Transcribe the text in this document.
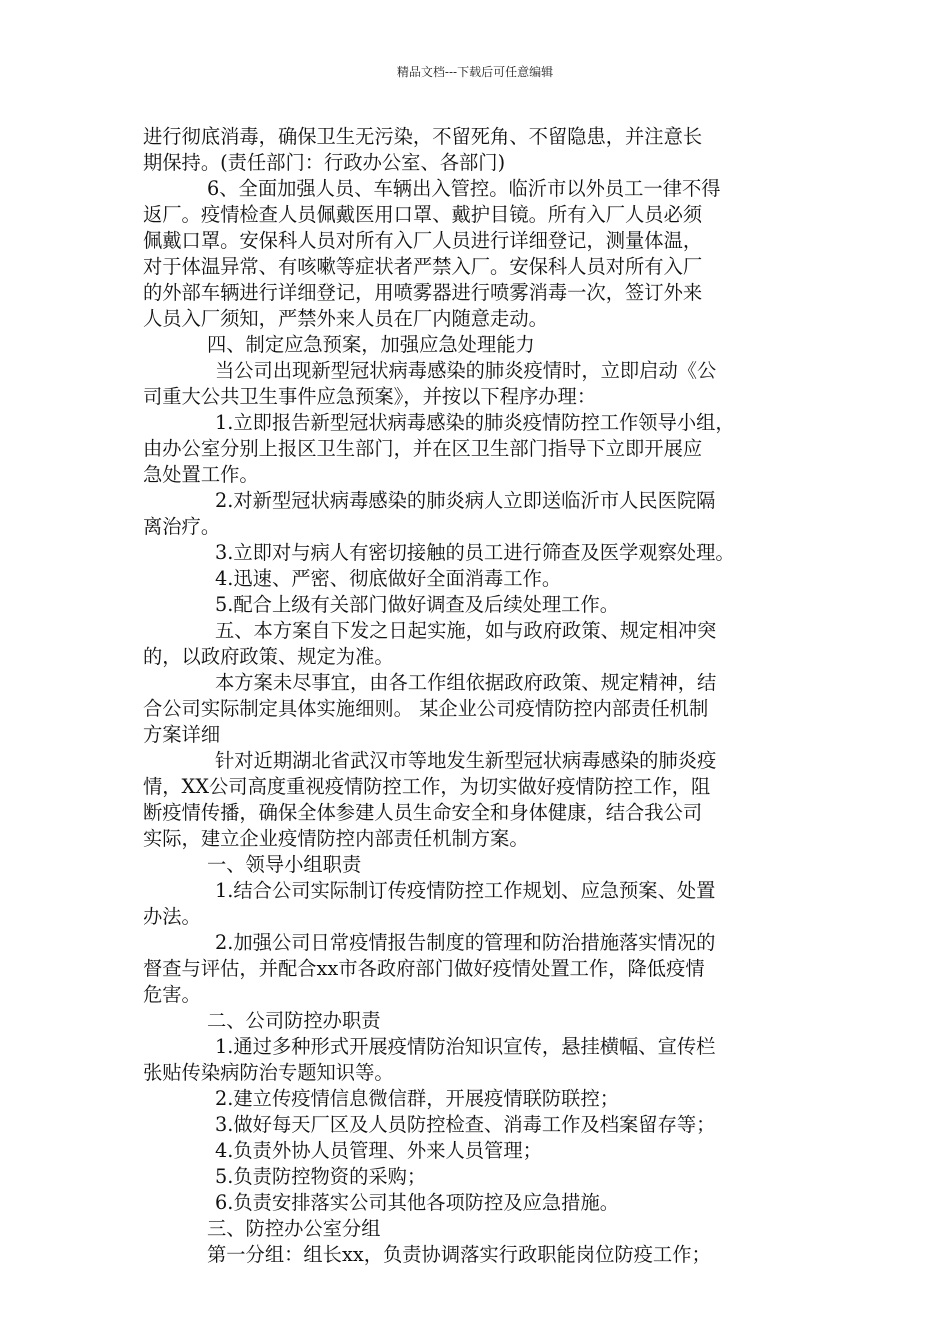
精品文档---下载后可任意编辑
进行彻底消毒，确保卫生无污染，不留死角、不留隐患，并注意长
期保持。(责任部门：行政办公室、各部门)
6、全面加强人员、车辆出入管控。临沂市以外员工一律不得
返厂。疫情检查人员佩戴医用口罩、戴护目镜。所有入厂人员必须
佩戴口罩。安保科人员对所有入厂人员进行详细登记，测量体温，
对于体温异常、有咳嗽等症状者严禁入厂。安保科人员对所有入厂
的外部车辆进行详细登记，用喷雾器进行喷雾消毒一次，签订外来
人员入厂须知，严禁外来人员在厂内随意走动。
四、制定应急预案，加强应急处理能力
当公司出现新型冠状病毒感染的肺炎疫情时，立即启动《公
司重大公共卫生事件应急预案》，并按以下程序办理：
1.立即报告新型冠状病毒感染的肺炎疫情防控工作领导小组，
由办公室分别上报区卫生部门，并在区卫生部门指导下立即开展应
急处置工作。
2.对新型冠状病毒感染的肺炎病人立即送临沂市人民医院隔
离治疗。
3.立即对与病人有密切接触的员工进行筛查及医学观察处理。
4.迅速、严密、彻底做好全面消毒工作。
5.配合上级有关部门做好调查及后续处理工作。
五、本方案自下发之日起实施，如与政府政策、规定相冲突
的，以政府政策、规定为准。
本方案未尽事宜，由各工作组依据政府政策、规定精神，结
合公司实际制定具体实施细则。 某企业公司疫情防控内部责任机制
方案详细
针对近期湖北省武汉市等地发生新型冠状病毒感染的肺炎疫
情，XX公司高度重视疫情防控工作，为切实做好疫情防控工作，阻
断疫情传播，确保全体参建人员生命安全和身体健康，结合我公司
实际，建立企业疫情防控内部责任机制方案。
一、领导小组职责
1.结合公司实际制订传疫情防控工作规划、应急预案、处置
办法。
2.加强公司日常疫情报告制度的管理和防治措施落实情况的
督查与评估，并配合xx市各政府部门做好疫情处置工作，降低疫情
危害。
二、公司防控办职责
1.通过多种形式开展疫情防治知识宣传，悬挂横幅、宣传栏
张贴传染病防治专题知识等。
2.建立传疫情信息微信群，开展疫情联防联控；
3.做好每天厂区及人员防控检查、消毒工作及档案留存等；
4.负责外协人员管理、外来人员管理；
5.负责防控物资的采购；
6.负责安排落实公司其他各项防控及应急措施。
三、防控办公室分组
第一分组：组长xx，负责协调落实行政职能岗位防疫工作；
